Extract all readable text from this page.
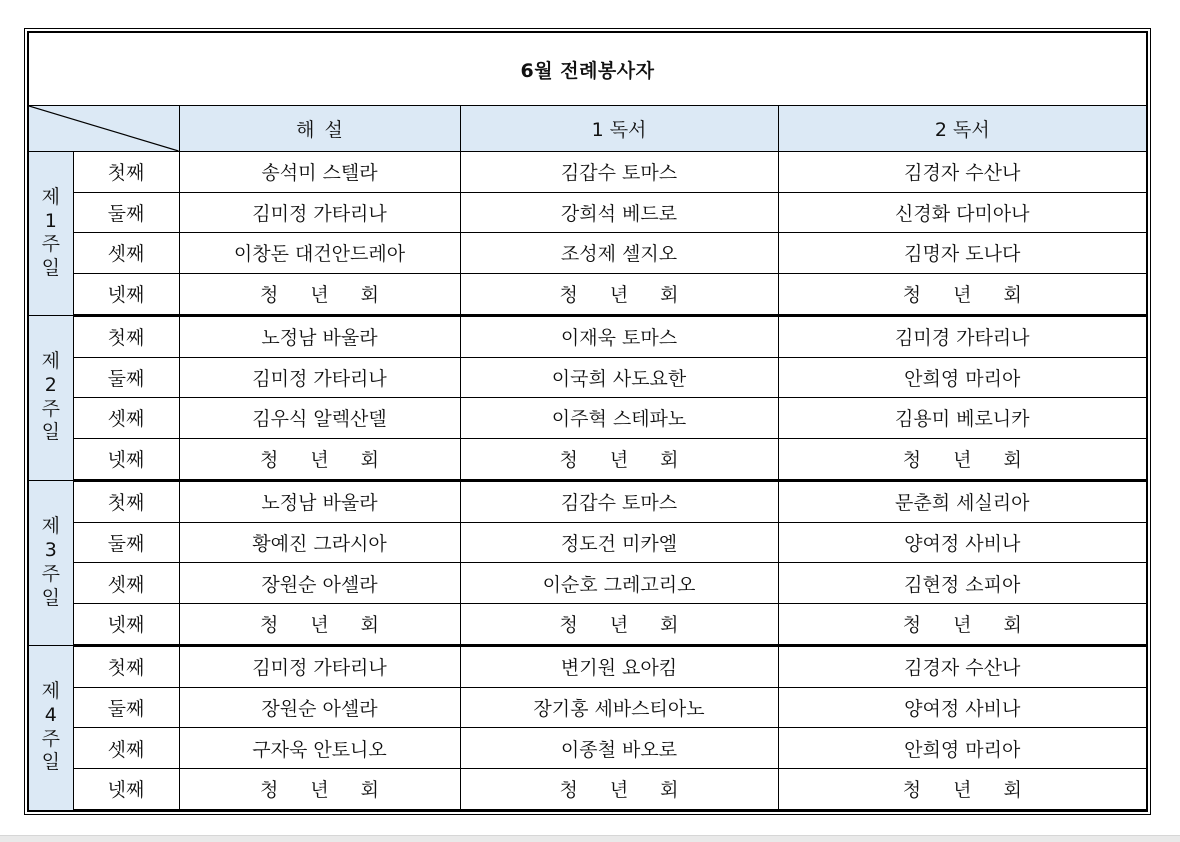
6월 전례봉사자				

	해 설	1 독서	2 독서

제
1
주
일	첫째	송석미 스텔라	김갑수 토마스	김경자 수산나
	둘째	김미정 가타리나	강희석 베드로	신경화 다미아나
	셋째	이창돈 대건안드레아	조성제 셀지오	김명자 도나다
	넷째	청 년 회	청 년 회	청 년 회

제
2
주
일	첫째	노정남 바울라	이재욱 토마스	김미경 가타리나
	둘째	김미정 가타리나	이국희 사도요한	안희영 마리아
	셋째	김우식 알렉산델	이주혁 스테파노	김용미 베로니카
	넷째	청 년 회	청 년 회	청 년 회

제
3
주
일	첫째	노정남 바울라	김갑수 토마스	문춘희 세실리아
	둘째	황예진 그라시아	정도건 미카엘	양여정 사비나
	셋째	장원순 아셀라	이순호 그레고리오	김현정 소피아
	넷째	청 년 회	청 년 회	청 년 회

제
4
주
일	첫째	김미정 가타리나	변기원 요아킴	김경자 수산나
	둘째	장원순 아셀라	장기홍 세바스티아노	양여정 사비나
	셋째	구자욱 안토니오	이종철 바오로	안희영 마리아
	넷째	청 년 회	청 년 회	청 년 회
